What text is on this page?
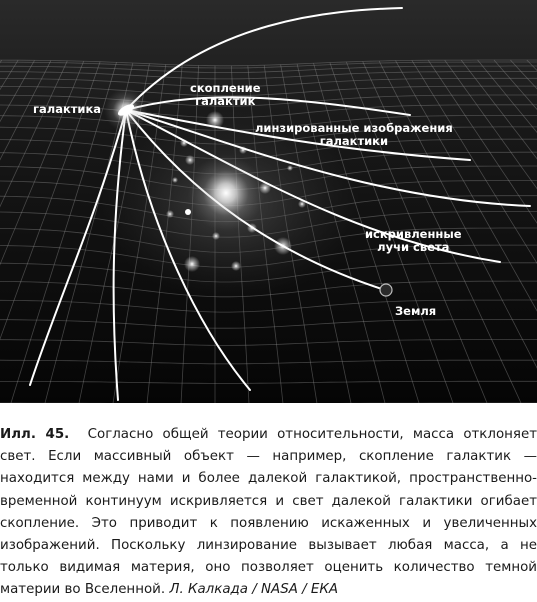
галактика
скопление
галактик
линзированные изображения
галактики
искривленные
лучи света
Земля
Илл. 45. Согласно общей теории относительности, масса отклоняет свет. Если массивный объект — например, скопление галактик — находится между нами и более далекой галактикой, пространственно-временной континуум искривляется и свет далекой галактики огибает скопление. Это приводит к появлению искаженных и увеличенных изображений. Поскольку линзирование вызывает любая масса, а не только видимая материя, оно позволяет оценить количество темной материи во Вселенной. Л. Калкада / NASA / ЕКА
